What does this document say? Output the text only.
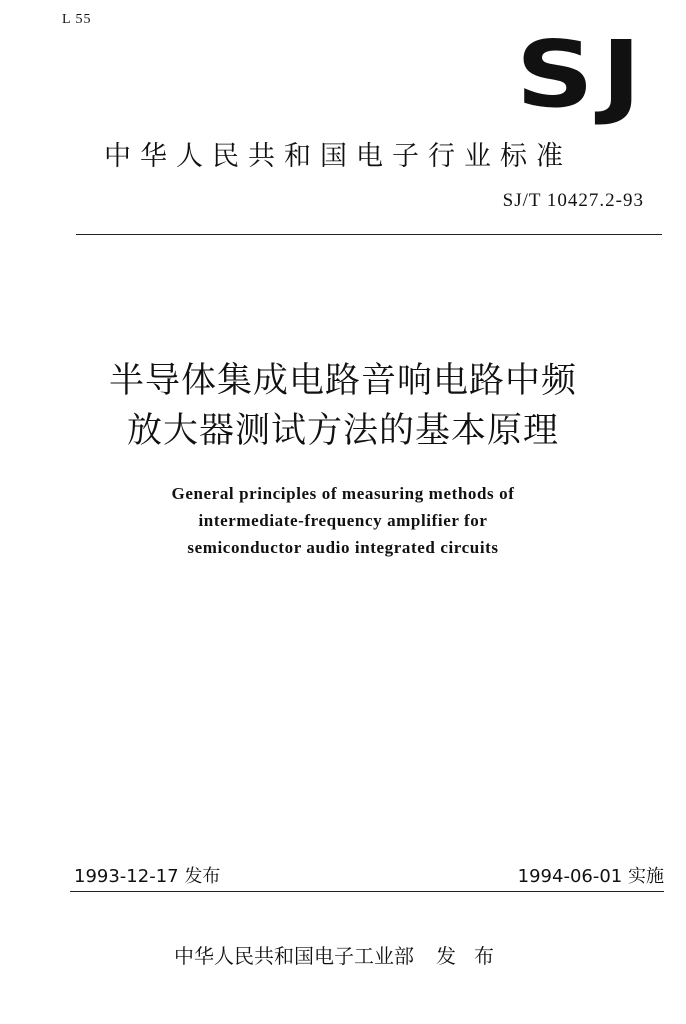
L 55
SJ
中华人民共和国电子行业标准
SJ/T 10427.2-93
半导体集成电路音响电路中频
放大器测试方法的基本原理
General principles of measuring methods of
intermediate-frequency amplifier for
semiconductor audio integrated circuits
1993-12-17 发布	1994-06-01 实施
中华人民共和国电子工业部 发布
